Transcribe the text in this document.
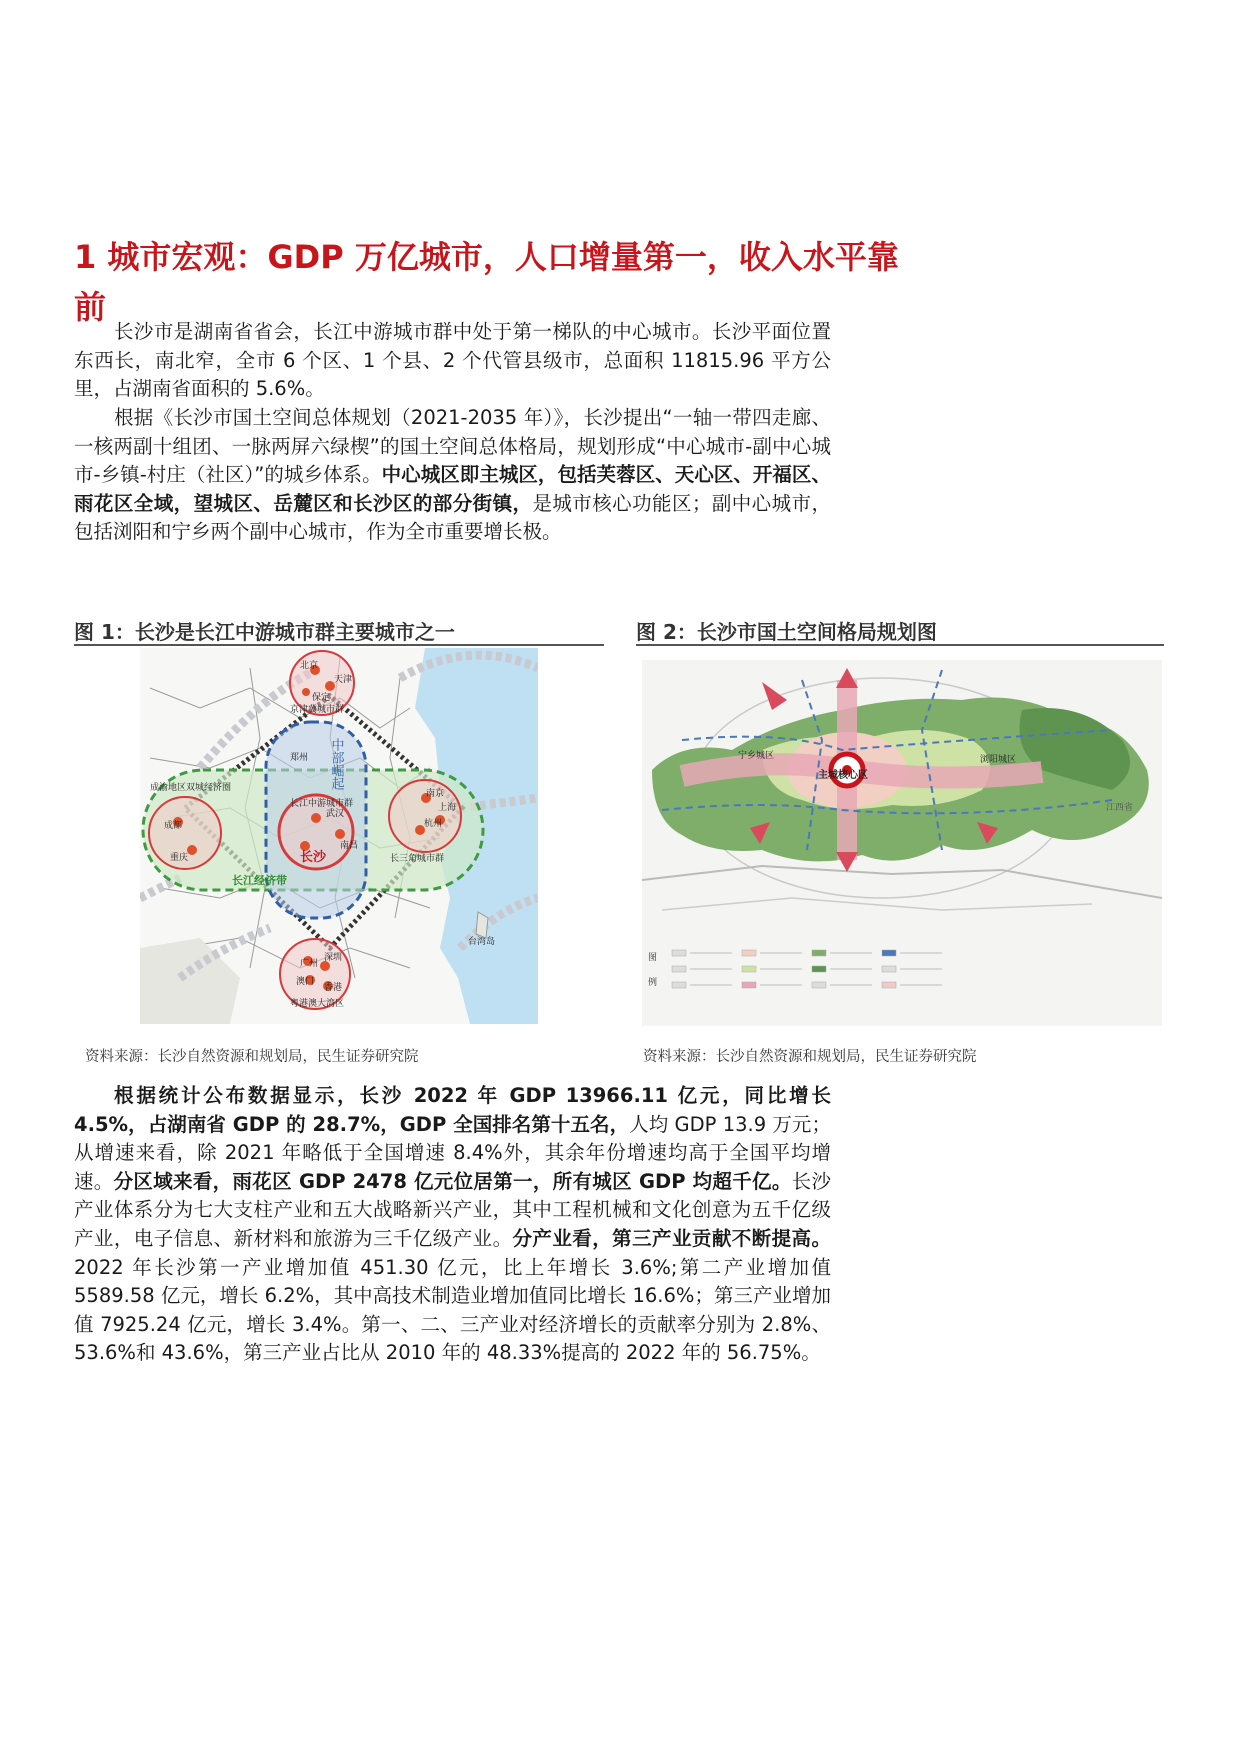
1 城市宏观：GDP 万亿城市，人口增量第一，收入水平靠前

长沙市是湖南省省会，长江中游城市群中处于第一梯队的中心城市。长沙平面位置东西长，南北窄，全市 6 个区、1 个县、2 个代管县级市，总面积 11815.96 平方公里，占湖南省面积的 5.6%。

根据《长沙市国土空间总体规划（2021-2035 年）》，长沙提出“一轴一带四走廊、一核两副十组团、一脉两屏六绿楔”的国土空间总体格局，规划形成“中心城市-副中心城市-乡镇-村庄（社区）”的城乡体系。中心城区即主城区，包括芙蓉区、天心区、开福区、雨花区全域，望城区、岳麓区和长沙区的部分街镇，是城市核心功能区；副中心城市，包括浏阳和宁乡两个副中心城市，作为全市重要增长极。

图 1：长沙是长江中游城市群主要城市之一

北京
天津
保定
京津冀城市群
郑州
成渝地区双城经济圈
成都
重庆
武汉
长江中游城市群
南昌
南京
上海
杭州
长三角城市群
广州
深圳
澳门
香港
粤港澳大湾区
台湾岛
中部崛起
长沙
长江经济带

资料来源：长沙自然资源和规划局，民生证券研究院

图 2：长沙市国土空间格局规划图

主城核心区
宁乡城区	浏阳城区
江西省
图
例

资料来源：长沙自然资源和规划局，民生证券研究院

根据统计公布数据显示，长沙 2022 年 GDP 13966.11 亿元，同比增长 4.5%，占湖南省 GDP 的 28.7%，GDP 全国排名第十五名，人均 GDP 13.9 万元；从增速来看，除 2021 年略低于全国增速 8.4%外，其余年份增速均高于全国平均增速。分区域来看，雨花区 GDP 2478 亿元位居第一，所有城区 GDP 均超千亿。长沙产业体系分为七大支柱产业和五大战略新兴产业，其中工程机械和文化创意为五千亿级产业，电子信息、新材料和旅游为三千亿级产业。分产业看，第三产业贡献不断提高。2022 年长沙第一产业增加值 451.30 亿元，比上年增长 3.6%;第二产业增加值 5589.58 亿元，增长 6.2%，其中高技术制造业增加值同比增长 16.6%；第三产业增加值 7925.24 亿元，增长 3.4%。第一、二、三产业对经济增长的贡献率分别为 2.8%、53.6%和 43.6%，第三产业占比从 2010 年的 48.33%提高的 2022 年的 56.75%。
